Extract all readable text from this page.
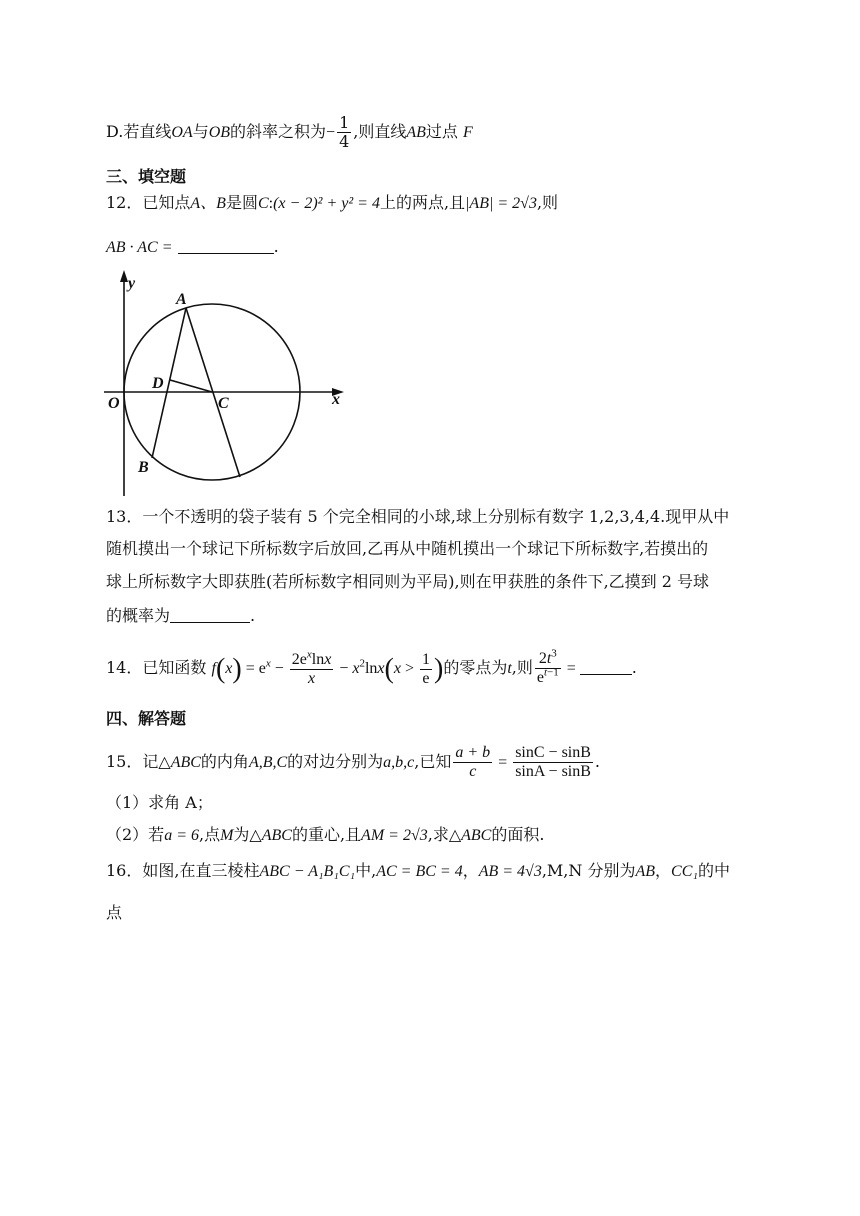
D.若直线OA与OB的斜率之积为− $\frac{1}{4}$ ,则直线AB过点 F
三、填空题
12．已知点A、B是圆C:(x − 2)² + y² = 4上的两点,且|AB| = 2√3,则
AB · AC =	.
y
x
O
A
B
C
D
13．一个不透明的袋子装有 5 个完全相同的小球,球上分别标有数字 1,2,3,4,4.现甲从中
随机摸出一个球记下所标数字后放回,乙再从中随机摸出一个球记下所标数字,若摸出的
球上所标数字大即获胜(若所标数字相同则为平局),则在甲获胜的条件下,乙摸到 2 号球
的概率为	.
14．已知函数 $f(x) = e^x - \frac{2e^x\ln x}{x} - x^2\ln x(x > \frac{1}{e}$ )的零点为t,则 $\frac{2t^3}{e^{t-1}}$ =	.
四、解答题
15．记△ABC的内角A,B,C的对边分别为a,b,c,已知 $\frac{a + b}{c} = \frac{\sin C - \sin B}{\sin A - \sin B}$ .
（1）求角 A；
（2）若a = 6,点M为△ABC的重心,且AM = 2√3,求△ABC的面积.
16．如图,在直三棱柱ABC − A₁B₁C₁中,AC = BC = 4，AB = 4√3,M,N 分别为AB，CC₁的中
点
